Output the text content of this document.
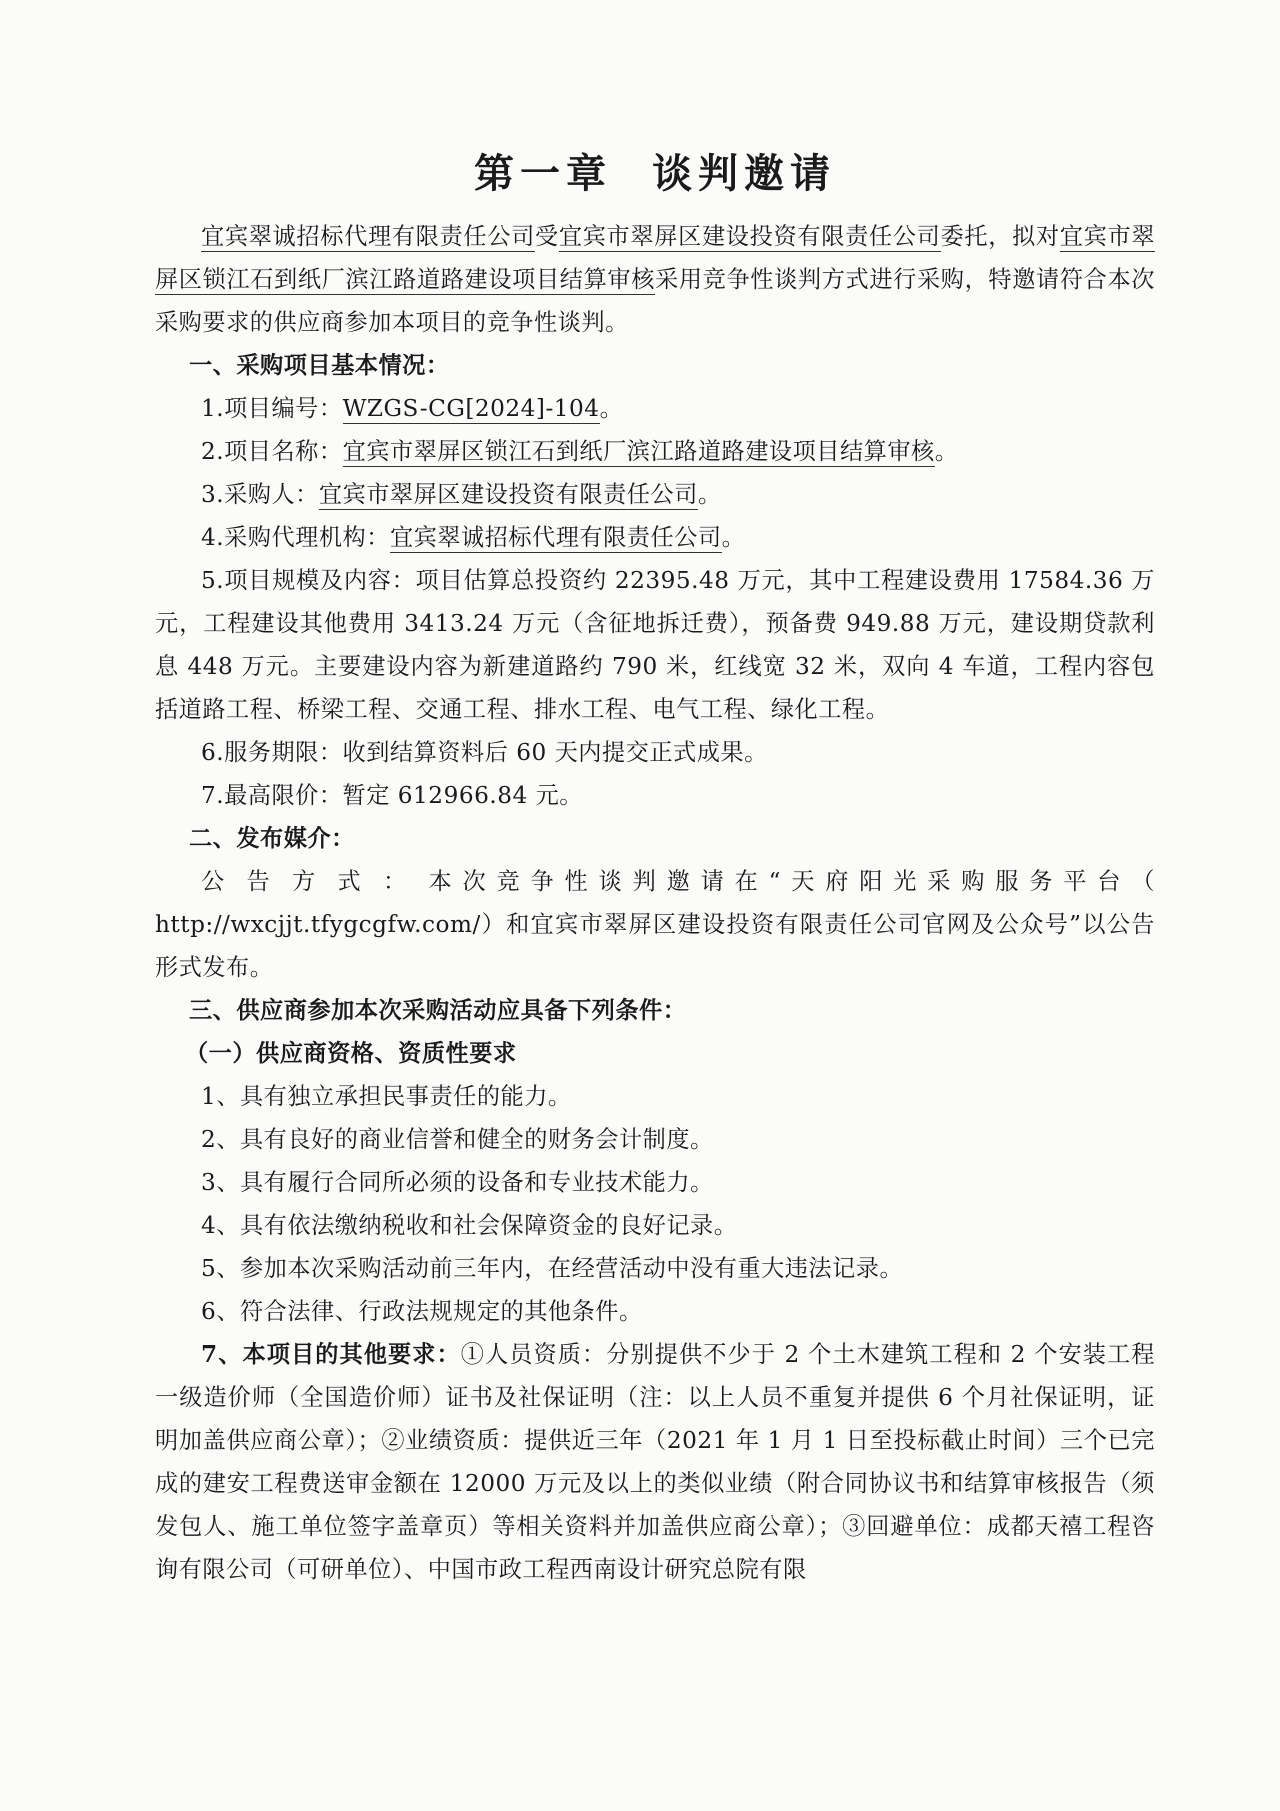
第一章 谈判邀请

宜宾翠诚招标代理有限责任公司受宜宾市翠屏区建设投资有限责任公司委托，拟对宜宾市翠屏区锁江石到纸厂滨江路道路建设项目结算审核采用竞争性谈判方式进行采购，特邀请符合本次采购要求的供应商参加本项目的竞争性谈判。

一、采购项目基本情况：

1.项目编号：WZGS-CG[2024]-104。

2.项目名称：宜宾市翠屏区锁江石到纸厂滨江路道路建设项目结算审核。

3.采购人：宜宾市翠屏区建设投资有限责任公司。

4.采购代理机构：宜宾翠诚招标代理有限责任公司。

5.项目规模及内容：项目估算总投资约 22395.48 万元，其中工程建设费用 17584.36 万元，工程建设其他费用 3413.24 万元（含征地拆迁费），预备费 949.88 万元，建设期贷款利息 448 万元。主要建设内容为新建道路约 790 米，红线宽 32 米，双向 4 车道，工程内容包括道路工程、桥梁工程、交通工程、排水工程、电气工程、绿化工程。

6.服务期限：收到结算资料后 60 天内提交正式成果。

7.最高限价：暂定 612966.84 元。

二、发布媒介：

公告方式：本次竞争性谈判邀请在“天府阳光采购服务平台（ http://wxcjjt.tfygcgfw.com/）和宜宾市翠屏区建设投资有限责任公司官网及公众号”以公告形式发布。

三、供应商参加本次采购活动应具备下列条件：

（一）供应商资格、资质性要求

1、具有独立承担民事责任的能力。

2、具有良好的商业信誉和健全的财务会计制度。

3、具有履行合同所必须的设备和专业技术能力。

4、具有依法缴纳税收和社会保障资金的良好记录。

5、参加本次采购活动前三年内，在经营活动中没有重大违法记录。

6、符合法律、行政法规规定的其他条件。

7、本项目的其他要求：①人员资质：分别提供不少于 2 个土木建筑工程和 2 个安装工程一级造价师（全国造价师）证书及社保证明（注：以上人员不重复并提供 6 个月社保证明，证明加盖供应商公章）；②业绩资质：提供近三年（2021 年 1 月 1 日至投标截止时间）三个已完成的建安工程费送审金额在 12000 万元及以上的类似业绩（附合同协议书和结算审核报告（须发包人、施工单位签字盖章页）等相关资料并加盖供应商公章）；③回避单位：成都天禧工程咨询有限公司（可研单位）、中国市政工程西南设计研究总院有限
